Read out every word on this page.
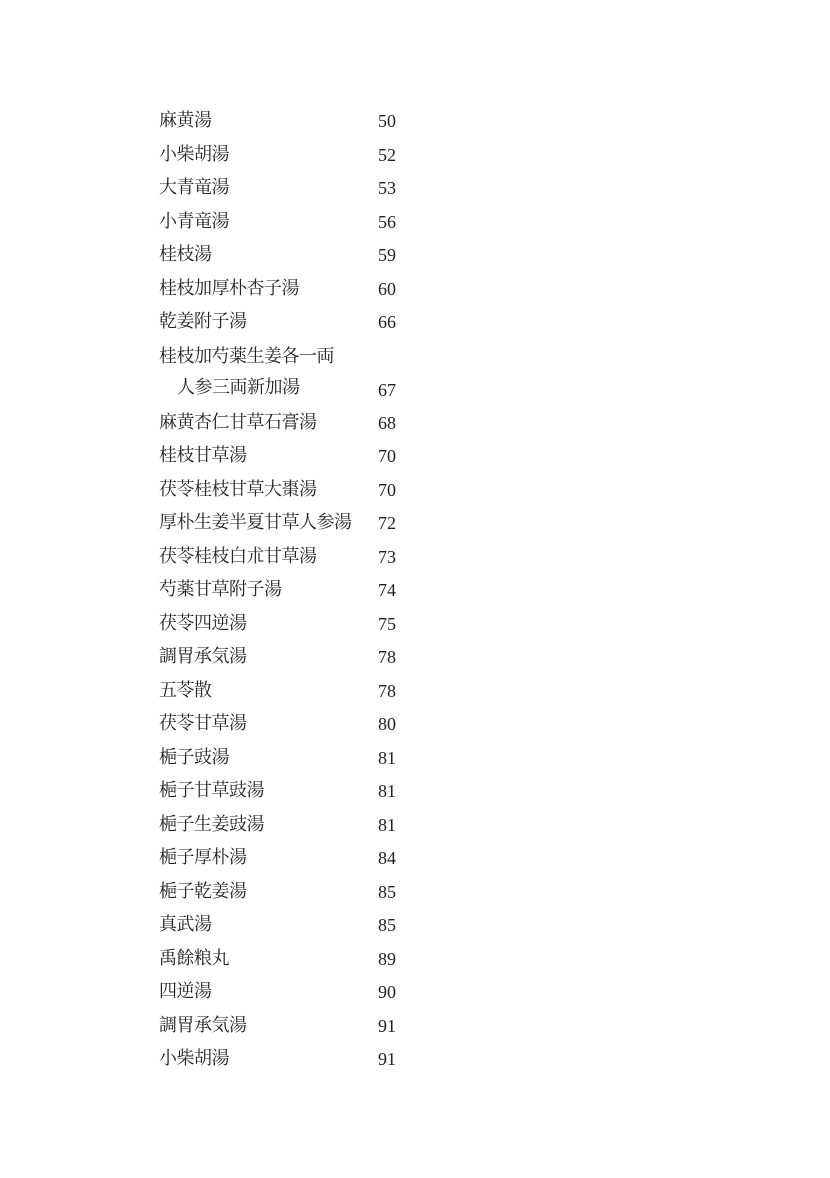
麻黄湯	50
小柴胡湯	52
大青竜湯	53
小青竜湯	56
桂枝湯	59
桂枝加厚朴杏子湯	60
乾姜附子湯	66
桂枝加芍薬生姜各一両
人参三両新加湯	67
麻黄杏仁甘草石膏湯	68
桂枝甘草湯	70
茯苓桂枝甘草大棗湯	70
厚朴生姜半夏甘草人参湯	72
茯苓桂枝白朮甘草湯	73
芍薬甘草附子湯	74
茯苓四逆湯	75
調胃承気湯	78
五苓散	78
茯苓甘草湯	80
梔子豉湯	81
梔子甘草豉湯	81
梔子生姜豉湯	81
梔子厚朴湯	84
梔子乾姜湯	85
真武湯	85
禹餘粮丸	89
四逆湯	90
調胃承気湯	91
小柴胡湯	91
